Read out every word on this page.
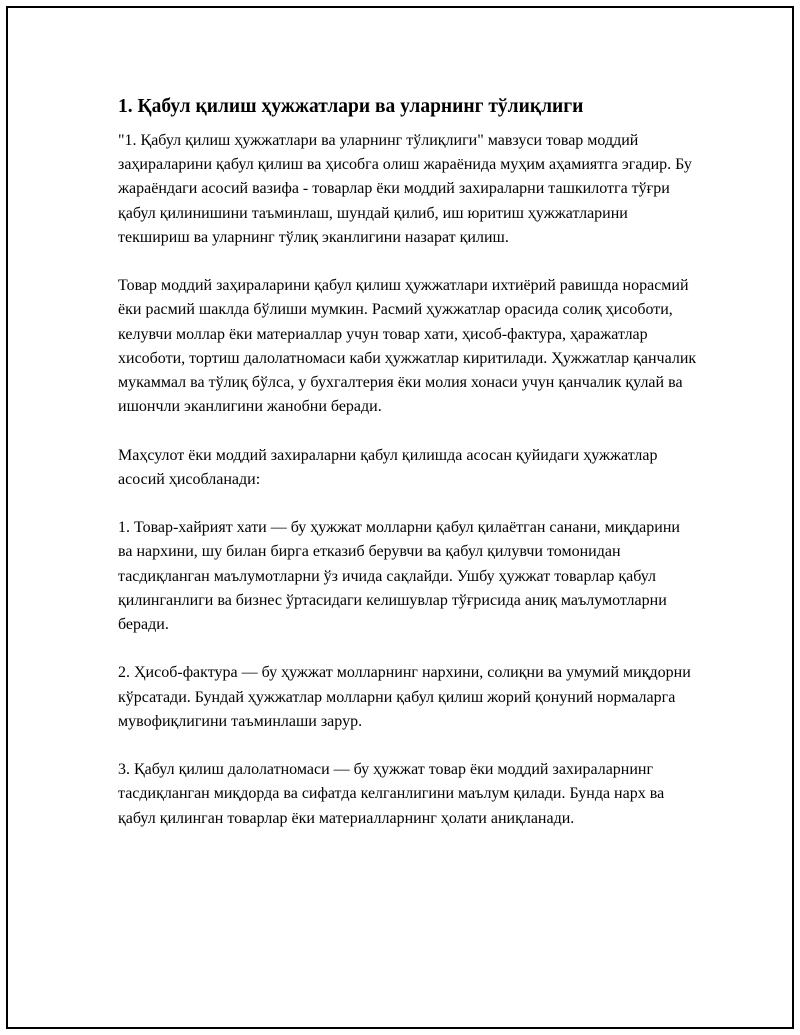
1. Қабул қилиш ҳужжатлари ва уларнинг тўлиқлиги

"1. Қабул қилиш ҳужжатлари ва уларнинг тўлиқлиги" мавзуси товар моддий заҳираларини қабул қилиш ва ҳисобга олиш жараёнида муҳим аҳамиятга эгадир. Бу жараёндаги асосий вазифа - товарлар ёки моддий захираларни ташкилотга тўғри қабул қилинишини таъминлаш, шундай қилиб, иш юритиш ҳужжатларини текшириш ва уларнинг тўлиқ эканлигини назарат қилиш.

Товар моддий заҳираларини қабул қилиш ҳужжатлари ихтиёрий равишда норасмий ёки расмий шаклда бўлиши мумкин. Расмий ҳужжатлар орасида солиқ ҳисоботи, келувчи моллар ёки материаллар учун товар хати, ҳисоб-фактура, ҳаражатлар хисоботи, тортиш далолатномаси каби ҳужжатлар киритилади. Ҳужжатлар қанчалик мукаммал ва тўлиқ бўлса, у бухгалтерия ёки молия хонаси учун қанчалик қулай ва ишончли эканлигини жанобни беради.

Маҳсулот ёки моддий захираларни қабул қилишда асосан қуйидаги ҳужжатлар асосий ҳисобланади:

1. Товар-хайрият хати — бу ҳужжат молларни қабул қилаётган санани, миқдарини ва нархини, шу билан бирга етказиб берувчи ва қабул қилувчи томонидан тасдиқланган маълумотларни ўз ичида сақлайди. Ушбу ҳужжат товарлар қабул қилинганлиги ва бизнес ўртасидаги келишувлар тўғрисида аниқ маълумотларни беради.

2. Ҳисоб-фактура — бу ҳужжат молларнинг нархини, солиқни ва умумий миқдорни кўрсатади. Бундай ҳужжатлар молларни қабул қилиш жорий қонуний нормаларга мувофиқлигини таъминлаши зарур.

3. Қабул қилиш далолатномаси — бу ҳужжат товар ёки моддий захираларнинг тасдиқланган миқдорда ва сифатда келганлигини маълум қилади. Бунда нарх ва қабул қилинган товарлар ёки материалларнинг ҳолати аниқланади.
